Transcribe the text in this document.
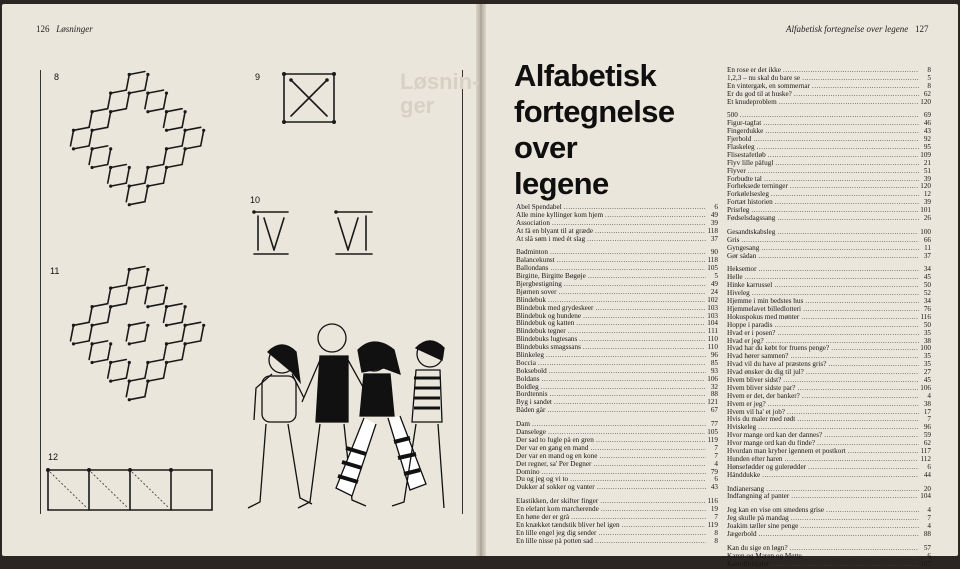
126 Løsninger	Alfabetisk fortegnelse over legene 127
Løsnin-
ger
8	9
10
11
12
Alfabetisk
fortegnelse
over
legene
Abel Spendabel .....	6
Alle mine kyllinger kom hjem .....	49
Association .....	39
At få en blyant til at græde .....	118
At slå søm i med ét slag .....	37
Badminton .....	90
Balancekunst .....	118
Ballondans .....	105
Birgitte, Birgitte Bøgøje .....	5
Bjergbestigning .....	49
Bjørnen sover .....	24
Blindebuk .....	102
Blindebuk med grydeskeer .....	103
Blindebuk og hundene .....	103
Blindebuk og katten .....	104
Blindebuk tegner .....	111
Blindebuks lugtesans .....	110
Blindebuks smagssans .....	110
Blinkeleg .....	96
Boccia .....	85
Boksebold .....	93
Boldans .....	106
Boldleg .....	32
Bordtennis .....	88
Byg i sandet .....	121
Båden går .....	67
Dam .....	77
Danselege .....	105
Der sad to fugle på en gren .....	119
Der var en gang en mand .....	7
Der var en mand og en kone .....	7
Det regner, sa' Per Degner .....	4
Domino .....	79
Du og jeg og vi to .....	6
Dukker af sokker og vanter .....	43
Elastikken, der skifter finger .....	116
En elefant kom marcherende .....	19
En høne der er grå .....	7
En knækket tændstik bliver hel igen .....	119
En lille engel jeg dig sender .....	8
En lille nisse på potten sad .....	8
En rose er det ikke .....	8
1,2,3 – nu skal du bare se .....	5
En vintergæk, en sommernar .....	8
Er du god til at huske? .....	62
Et knudeproblem .....	120
500 .....	69
Figur-tagfat .....	46
Fingerdukke .....	43
Fjerbold .....	92
Flaskeleg .....	95
Flisestafetløb .....	109
Flyv lille påfugl .....	21
Flyver .....	51
Forbudte tal .....	39
Forheksede terninger .....	120
Forkølelsesleg .....	12
Fortæt historien .....	39
Prisrleg .....	101
Fødselsdagssang .....	26
Gesandtskabsleg .....	100
Gris .....	66
Gyngesang .....	11
Gør sådan .....	37
Heksemor .....	34
Helle .....	45
Hinke karrussel .....	50
Hiveleg .....	52
Hjemme i min bedstes hus .....	34
Hjemmelavet billedlotteri .....	76
Hokuspokus med mønter .....	116
Hoppe i paradis .....	50
Hvad er i posen? .....	35
Hvad er jeg? .....	38
Hvad har du købt for fruens penge? .....	100
Hvad hører sammen? .....	35
Hvad vil du have af præstens gris? .....	35
Hvad ønsker du dig til jul? .....	27
Hvem bliver sidst? .....	45
Hvem bliver sidste par? .....	106
Hvem er det, der banker? .....	4
Hvem er jeg? .....	38
Hvem vil ha' et job? .....	17
Hvis du maler med rødt .....	7
Hviskeleg .....	96
Hvor mange ord kan der dannes? .....	59
Hvor mange ord kan du finde? .....	62
Hvordan man kryber igennem et postkort .....	117
Hunden efter haren .....	112
Hønsefødder og gulerødder .....	6
Hånddukke .....	44
Indianersang .....	20
Indfangning af panter .....	104
Jeg kan en vise om smedens grise .....	4
Jeg skulle på mandag .....	7
Joakim tæller sine penge .....	4
Jægerbold .....	88
Kan du sige en løgn? .....	57
Karen og Maren og Mette .....	6
Kartoffelstafet .....	107
